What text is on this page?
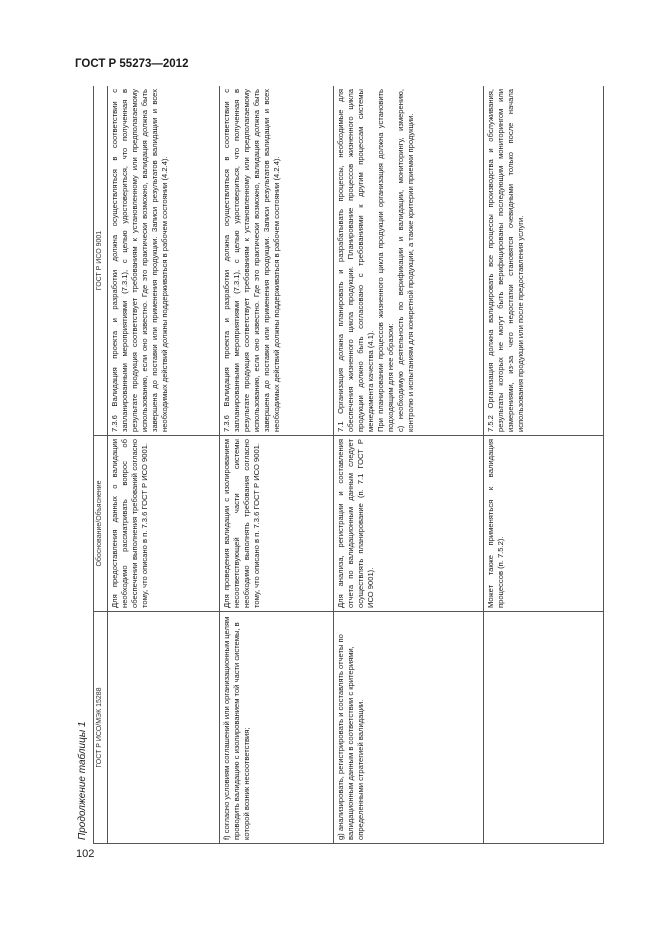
ГОСТ Р 55273—2012
Продолжение таблицы 1
102
ГОСТ Р ИСО/МЭК 15288	Обоснование/Объяснение	ГОСТ Р ИСО 9001
	Для предоставления данных о валидации необходимо рассматривать вопрос об обеспечении выполнения требований согласно тому, что описано в п. 7.3.6 ГОСТ Р ИСО 9001.	7.3.6 Валидация проекта и разработки должна осуществляться в соответствии с запланированными мероприятиями (7.3.1), с целью удостовериться, что полученная в результате продукция соответствует требованиям к установленному или предполагаемому использованию, если оно известно. Где это практически возможно, валидация должна быть завершена до поставки или применения продукции. Записи результатов валидации и всех необходимых действий должны поддерживаться в рабочем состоянии (4.2.4).

f) согласно условиям соглашений или организационным целям проводить валидацию с изолированием той части системы, в которой возник несоответствия;	Для проведения валидации с изолированием несоответствующей части системы необходимо выполнять требования согласно тому, что описано в п. 7.3.6 ГОСТ Р ИСО 9001.	7.3.6 Валидация проекта и разработки должна осуществляться в соответствии с запланированными мероприятиями (7.3.1), с целью удостовериться, что полученная в результате продукция соответствует требованиям к установленному или предполагаемому использованию, если оно известно. Где это практически возможно, валидация должна быть завершена до поставки или применения продукции. Записи результатов валидации и всех необходимых действий должны поддерживаться в рабочем состоянии (4.2.4).

g) анализировать, регистрировать и составлять отчеты по валидационным данным в соответствии с критериями, определенными стратегией валидации.	Для анализа, регистрации и составления отчета по валидационным данным следует осуществлять планирование (п. 7.1 ГОСТ Р ИСО 9001).	7.1 Организация должна планировать и разрабатывать процессы, необходимые для обеспечения жизненного цикла продукции. Планирование процессов жизненного цикла продукции должно быть согласовано с требованиями к другим процессам системы менеджмента качества (4.1). При планировании процессов жизненного цикла продукции организация должна установить подходящим для нее образом: с) необходимую деятельность по верификации и валидации, мониторингу, измерению, контролю и испытаниям для конкретной продукции, а также критерии приемки продукции.

	Может также применяться к валидация процессов (п. 7.5.2).	7.5.2 Организация должна валидировать все процессы производства и обслуживания, результаты которых не могут быть верифицированы последующим мониторингом или измерениями, из-за чего недостатки становятся очевидными только после начала использования продукции или после предоставления услуги.
